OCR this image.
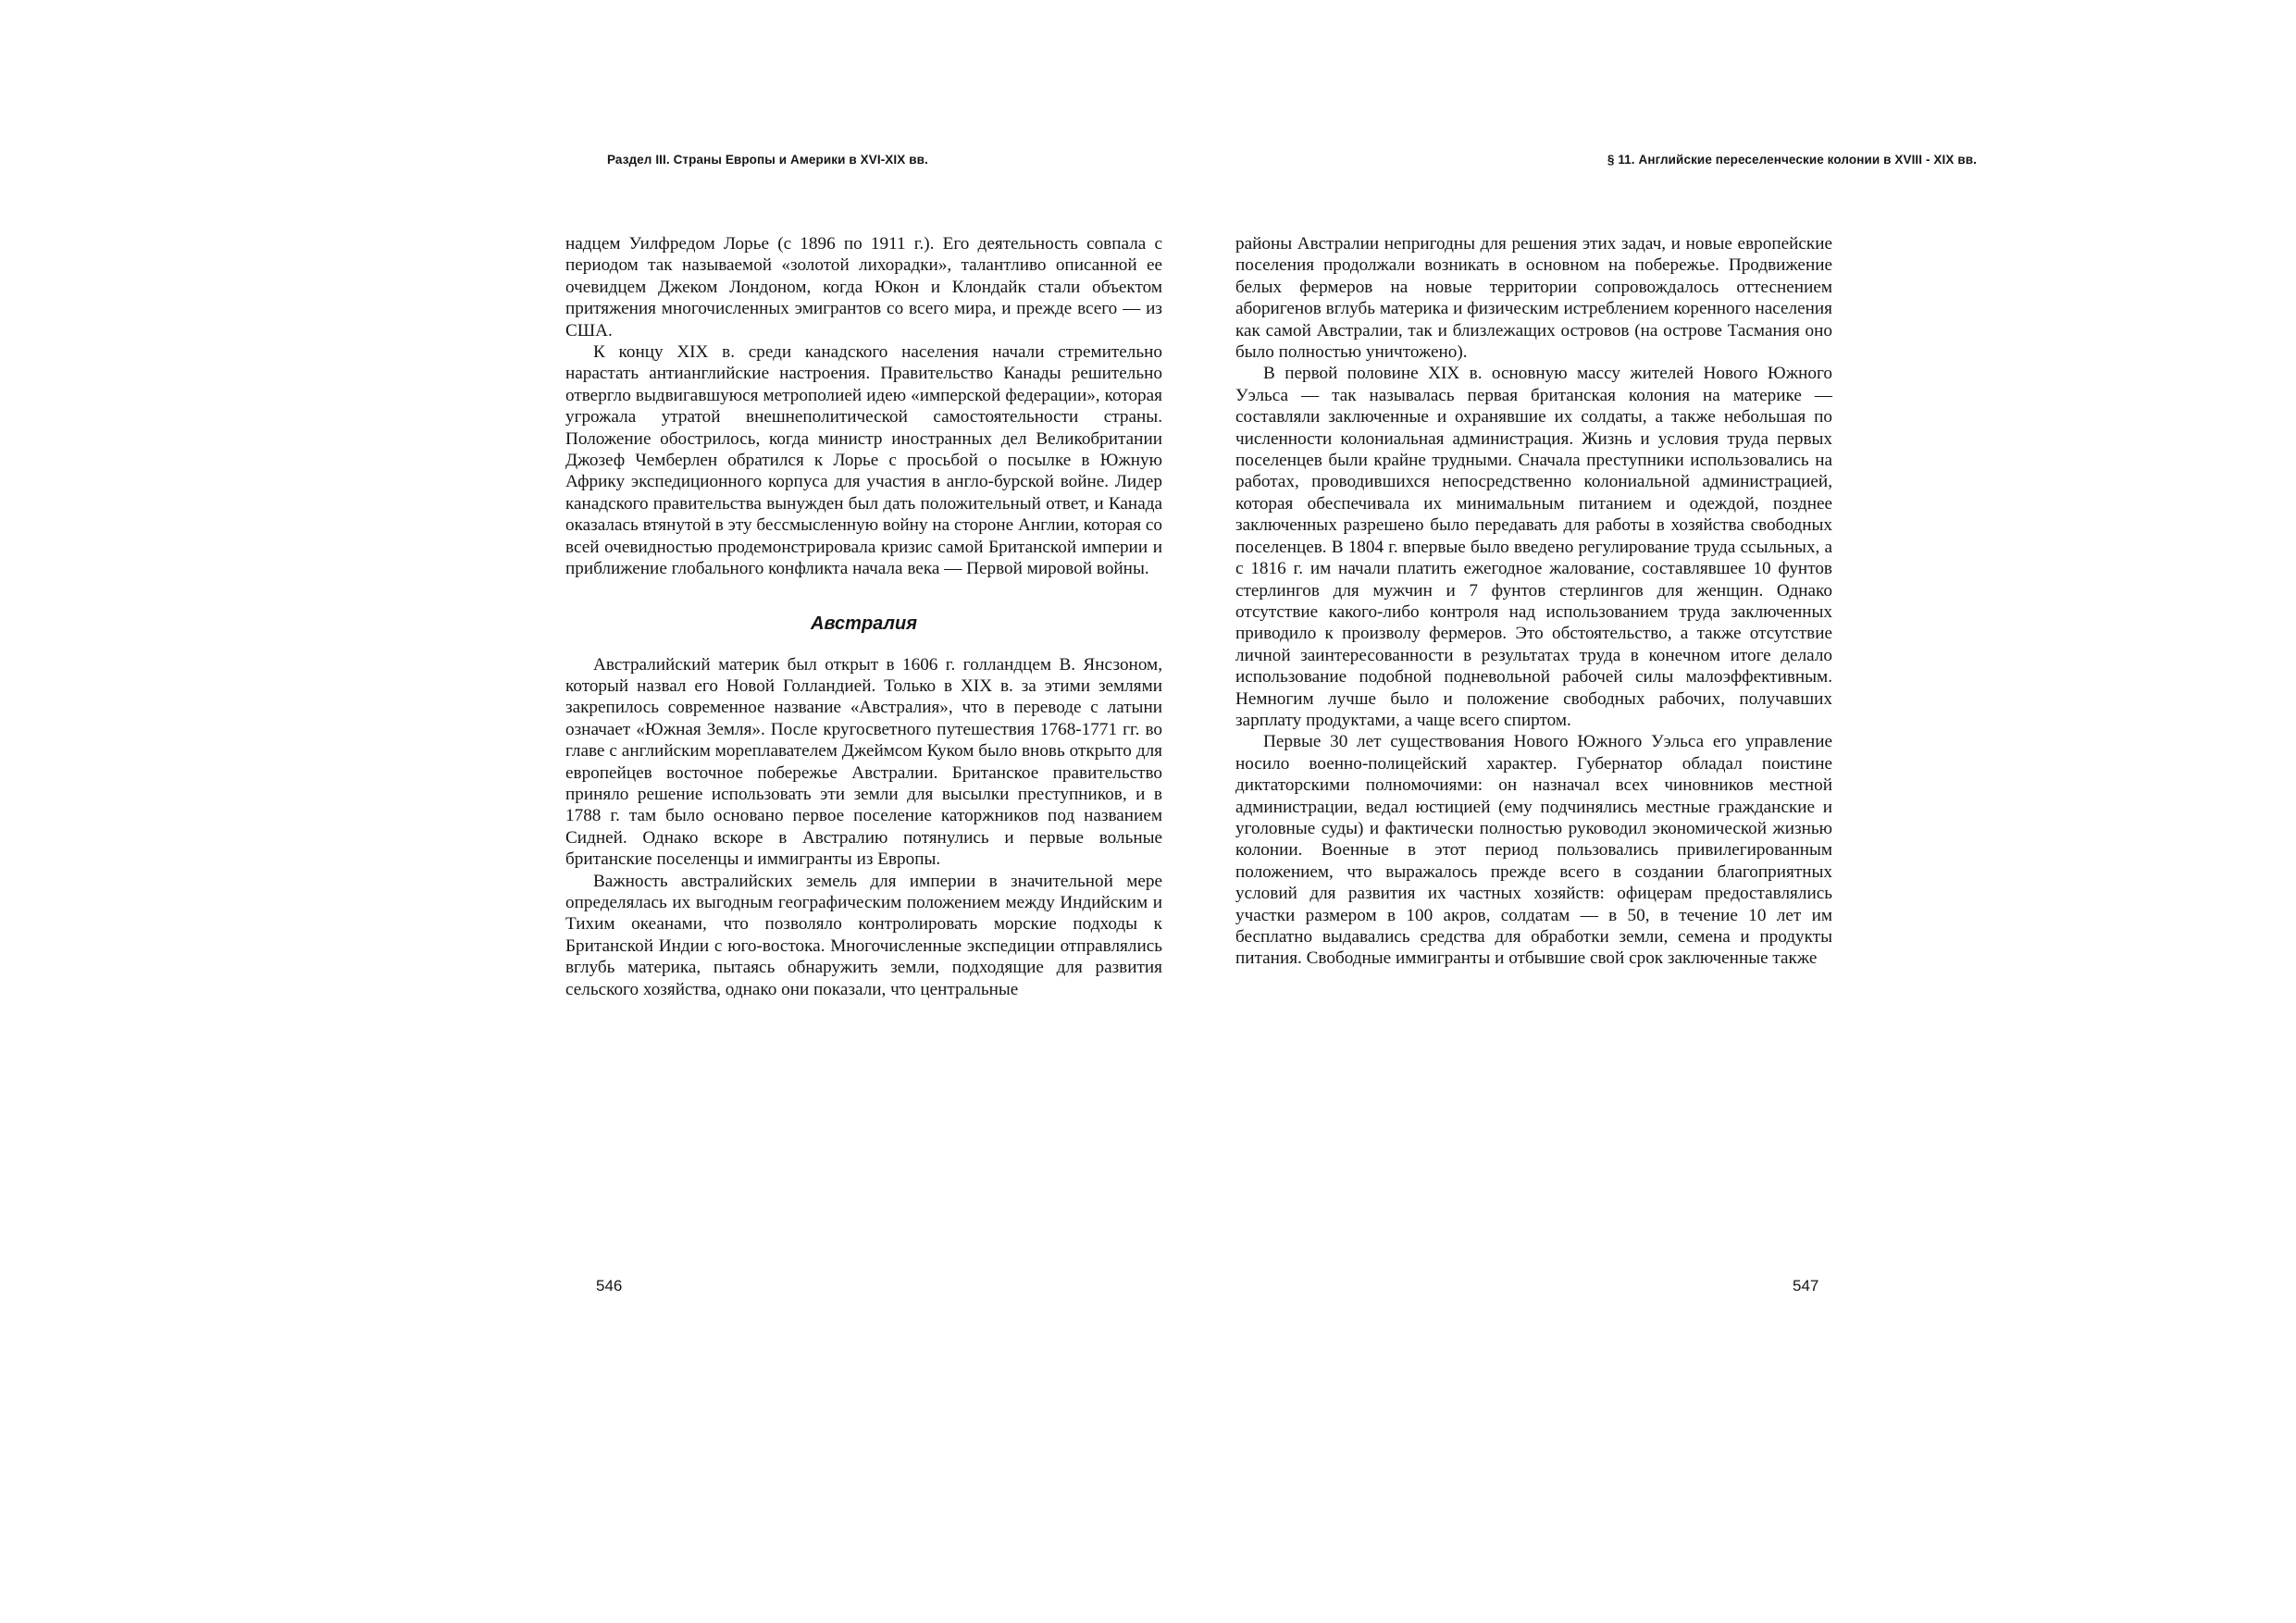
Раздел III. Страны Европы и Америки в XVI-XIX вв.

надцем Уилфредом Лорье (с 1896 по 1911 г.). Его деятельность совпала с периодом так называемой «золотой лихорадки», талантливо описанной ее очевидцем Джеком Лондоном, когда Юкон и Клондайк стали объектом притяжения многочисленных эмигрантов со всего мира, и прежде всего — из США.

К концу XIX в. среди канадского населения начали стремительно нарастать антианглийские настроения. Правительство Канады решительно отвергло выдвигавшуюся метрополией идею «имперской федерации», которая угрожала утратой внешнеполитической самостоятельности страны. Положение обострилось, когда министр иностранных дел Великобритании Джозеф Чемберлен обратился к Лорье с просьбой о посылке в Южную Африку экспедиционного корпуса для участия в англо-бурской войне. Лидер канадского правительства вынужден был дать положительный ответ, и Канада оказалась втянутой в эту бессмысленную войну на стороне Англии, которая со всей очевидностью продемонстрировала кризис самой Британской империи и приближение глобального конфликта начала века — Первой мировой войны.

Австралия

Австралийский материк был открыт в 1606 г. голландцем В. Янсзоном, который назвал его Новой Голландией. Только в XIX в. за этими землями закрепилось современное название «Австралия», что в переводе с латыни означает «Южная Земля». После кругосветного путешествия 1768-1771 гг. во главе с английским мореплавателем Джеймсом Куком было вновь открыто для европейцев восточное побережье Австралии. Британское правительство приняло решение использовать эти земли для высылки преступников, и в 1788 г. там было основано первое поселение каторжников под названием Сидней. Однако вскоре в Австралию потянулись и первые вольные британские поселенцы и иммигранты из Европы.

Важность австралийских земель для империи в значительной мере определялась их выгодным географическим положением между Индийским и Тихим океанами, что позволяло контролировать морские подходы к Британской Индии с юго-востока. Многочисленные экспедиции отправлялись вглубь материка, пытаясь обнаружить земли, подходящие для развития сельского хозяйства, однако они показали, что центральные

546
§ 11. Английские переселенческие колонии в XVIII - XIX вв.

районы Австралии непригодны для решения этих задач, и новые европейские поселения продолжали возникать в основном на побережье. Продвижение белых фермеров на новые территории сопровождалось оттеснением аборигенов вглубь материка и физическим истреблением коренного населения как самой Австралии, так и близлежащих островов (на острове Тасмания оно было полностью уничтожено).

В первой половине XIX в. основную массу жителей Нового Южного Уэльса — так называлась первая британская колония на материке — составляли заключенные и охранявшие их солдаты, а также небольшая по численности колониальная администрация. Жизнь и условия труда первых поселенцев были крайне трудными. Сначала преступники использовались на работах, проводившихся непосредственно колониальной администрацией, которая обеспечивала их минимальным питанием и одеждой, позднее заключенных разрешено было передавать для работы в хозяйства свободных поселенцев. В 1804 г. впервые было введено регулирование труда ссыльных, а с 1816 г. им начали платить ежегодное жалование, составлявшее 10 фунтов стерлингов для мужчин и 7 фунтов стерлингов для женщин. Однако отсутствие какого-либо контроля над использованием труда заключенных приводило к произволу фермеров. Это обстоятельство, а также отсутствие личной заинтересованности в результатах труда в конечном итоге делало использование подобной подневольной рабочей силы малоэффективным. Немногим лучше было и положение свободных рабочих, получавших зарплату продуктами, а чаще всего спиртом.

Первые 30 лет существования Нового Южного Уэльса его управление носило военно-полицейский характер. Губернатор обладал поистине диктаторскими полномочиями: он назначал всех чиновников местной администрации, ведал юстицией (ему подчинялись местные гражданские и уголовные суды) и фактически полностью руководил экономической жизнью колонии. Военные в этот период пользовались привилегированным положением, что выражалось прежде всего в создании благоприятных условий для развития их частных хозяйств: офицерам предоставлялись участки размером в 100 акров, солдатам — в 50, в течение 10 лет им бесплатно выдавались средства для обработки земли, семена и продукты питания. Свободные иммигранты и отбывшие свой срок заключенные также

547
